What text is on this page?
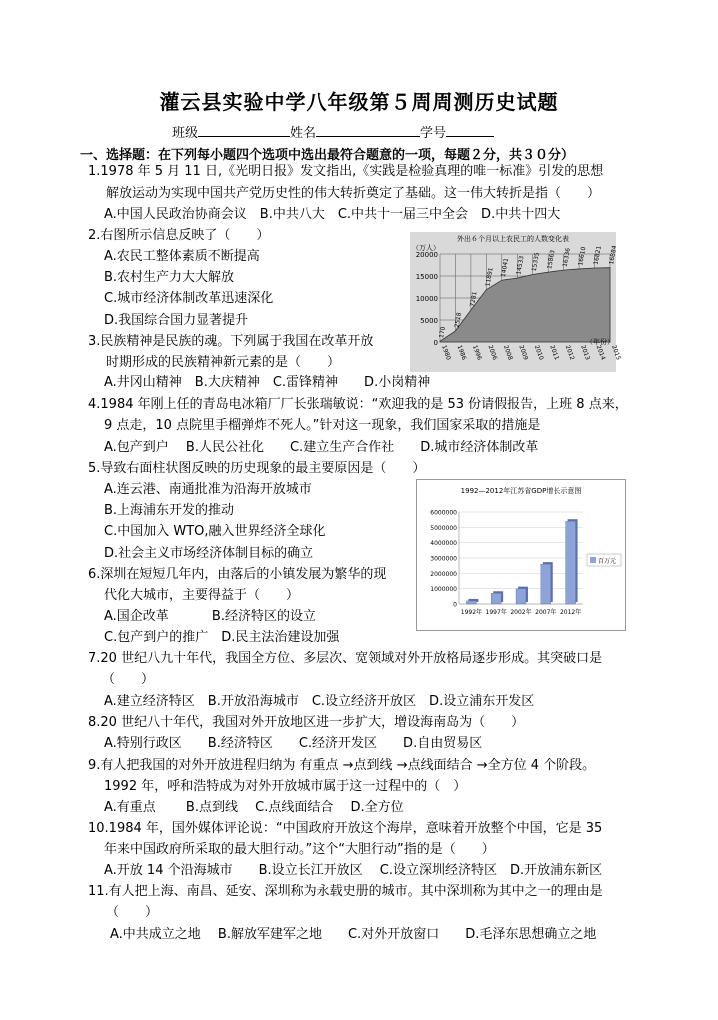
灌云县实验中学八年级第５周周测历史试题
班级	姓名	学号
一、选择题：在下列每小题四个选项中选出最符合题意的一项，每题２分，共３０分）
1.1978 年 5 月 11 日,《光明日报》发文指出,《实践是检验真理的唯一标准》引发的思想
解放运动为实现中国共产党历史性的伟大转折奠定了基础。这一伟大转折是指（　　）
A.中国人民政治协商会议　B.中共八大　C.中共十一届三中全会　D.中共十四大
2.右图所示信息反映了（　　）
A.农民工整体素质不断提高
B.农村生产力大大解放
C.城市经济体制改革迅速深化
D.我国综合国力显著提升
3.民族精神是民族的魂。下列属于我国在改革开放
时期形成的民族精神新元素的是（　　）
A.井冈山精神　B.大庆精神　C.雷锋精神　　D.小岗精神
4.1984 年刚上任的青岛电冰箱厂厂长张瑞敏说：“欢迎我的是 53 份请假报告，上班 8 点来，
9 点走，10 点院里手榴弹炸不死人。”针对这一现象，我们国家采取的措施是
A.包产到户　 B.人民公社化　　C.建立生产合作社　　D.城市经济体制改革
5.导致右面柱状图反映的历史现象的最主要原因是（　　）
A.连云港、南通批准为沿海开放城市
B.上海浦东开发的推动
C.中国加入 WTO,融入世界经济全球化
D.社会主义市场经济体制目标的确立
6.深圳在短短几年内，由落后的小镇发展为繁华的现
代化大城市，主要得益于（　　）
A.国企改革　　　 B.经济特区的设立
C.包产到户的推广　D.民主法治建设加强
7.20 世纪八九十年代，我国全方位、多层次、宽领域对外开放格局逐步形成。其突破口是
（　　）
A.建立经济特区　B.开放沿海城市　C.设立经济开放区　D.设立浦东开发区
8.20 世纪八十年代，我国对外开放地区进一步扩大，增设海南岛为（　　）
A.特别行政区　　B.经济特区　　C.经济开发区　　D.自由贸易区
9.有人把我国的对外开放进程归纳为 有重点 →点到线 →点线面结合 →全方位 4 个阶段。
1992 年，呼和浩特成为对外开放城市属于这一过程中的（　）
A.有重点　　 B.点到线　 C.点线面结合　 D.全方位
10.1984 年，国外媒体评论说：“中国政府开放这个海岸，意味着开放整个中国，它是 35
年来中国政府所采取的最大胆行动。”这个“大胆行动”指的是（　　）
A.开放 14 个沿海城市　　B.设立长江开放区　 C.设立深圳经济特区　D.开放浦东新区
11.有人把上海、南昌、延安、深圳称为永载史册的城市。其中深圳称为其中之一的理由是
（　　）
A.中共成立之地　 B.解放军建军之地　　C.对外开放窗口　　D.毛泽东思想确立之地
外出６个月以上农民工的人数变化表
（万人）
20000
15000
10000
5000
0
170
1980
2518
1986
7281
1996
11891
2006
14041
2008
14533
2009
15335
2010
15863
2011
16336
2012
16610
2013
16821
2014
16884
2015
（年份）
1992—2012年江苏省GDP增长示意图
6000000
5000000
4000000
3000000
2000000
1000000
0
1992年 1997年 2002年 2007年 2012年
百万元
